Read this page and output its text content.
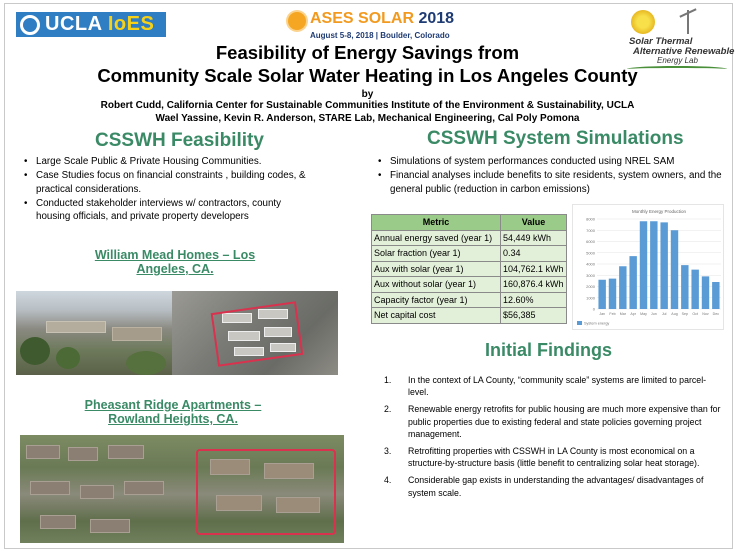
UCLA IoES	ASES SOLAR 2018
August 5-8, 2018 | Boulder, Colorado
Solar Thermal
Alternative Renewable
Energy Lab
Feasibility of Energy Savings from
Community Scale Solar Water Heating in Los Angeles County
by
Robert Cudd, California Center for Sustainable Communities Institute of the Environment & Sustainability, UCLA
Wael Yassine, Kevin R. Anderson, STARE Lab, Mechanical Engineering, Cal Poly Pomona
CSSWH Feasibility
• Large Scale Public & Private Housing Communities.
• Case Studies focus on financial constraints , building codes, & practical considerations.
• Conducted stakeholder interviews w/ contractors, county housing officials, and private property developers
William Mead Homes – Los
Angeles, CA.
Pheasant Ridge Apartments –
Rowland Heights, CA.
CSSWH System Simulations
• Simulations of system performances conducted using NREL SAM
• Financial analyses include benefits to site residents, system owners, and the general public (reduction in carbon emissions)
Metric	Value
Annual energy saved (year 1)	54,449 kWh
Solar fraction (year 1)	0.34
Aux with solar (year 1)	104,762.1 kWh
Aux without solar (year 1)	160,876.4 kWh
Capacity factor (year 1)	12.60%
Net capital cost	$56,385
Monthly Energy Production
0
1000
2000
3000
4000
5000
6000
7000
8000
Jan Feb Mar Apr May Jun Jul Aug Sep Oct Nov Dec
System energy
Initial Findings
1. In the context of LA County, “community scale” systems are limited to parcel-level.
2. Renewable energy retrofits for public housing are much more expensive than for public properties due to existing federal and state policies governing project management.
3. Retrofitting properties with CSSWH in LA County is most economical on a structure-by-structure basis (little benefit to centralizing solar heat storage).
4. Considerable gap exists in understanding the advantages/ disadvantages of system scale.
